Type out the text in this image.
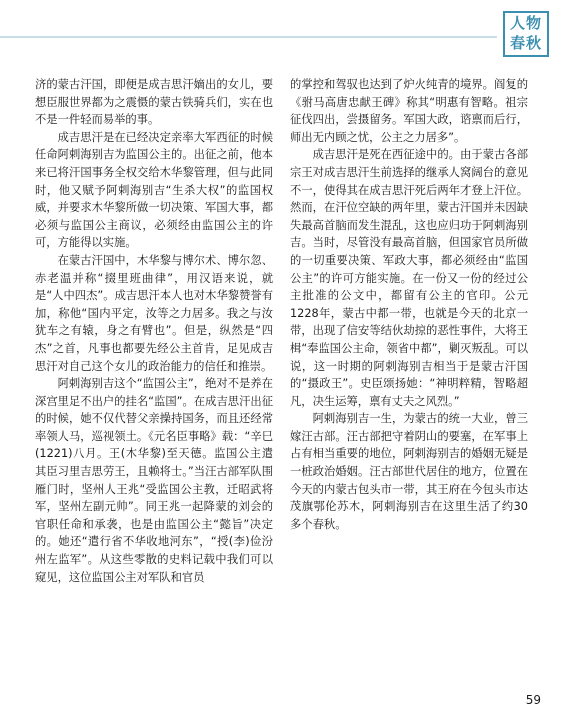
人物
春秋

济的蒙古汗国，即便是成吉思汗嫡出的女儿，要想臣服世界都为之震慑的蒙古铁骑兵们，实在也不是一件轻而易举的事。

成吉思汗是在已经决定亲率大军西征的时候任命阿剌海别吉为监国公主的。出征之前，他本来已将汗国事务全权交给木华黎管理，但与此同时，他又赋予阿剌海别吉“生杀大权”的监国权威，并要求木华黎所做一切决策、军国大事，都必须与监国公主商议，必须经由监国公主的许可，方能得以实施。

在蒙古汗国中，木华黎与博尔术、博尔忽、赤老温并称“掇里班曲律”，用汉语来说，就是“人中四杰”。成吉思汗本人也对木华黎赞誉有加，称他“国内平定，汝等之力居多。我之与汝犹车之有辕，身之有臂也”。但是，纵然是“四杰”之首，凡事也都要先经公主首肯，足见成吉思汗对自己这个女儿的政治能力的信任和推崇。

阿剌海别吉这个“监国公主”，绝对不是养在深宫里足不出户的挂名“监国”。在成吉思汗出征的时候，她不仅代替父亲操持国务，而且还经常率领人马，巡视领土。《元名臣事略》载：“辛巳(1221)八月。王(木华黎)至天德。监国公主遣其臣习里吉思劳王，且赖将士。”当汪古部军队围雁门时，坚州人王兆“受监国公主教，迁昭武将军，坚州左副元帅”。同王兆一起降蒙的刘会的官职任命和承袭，也是由监国公主“懿旨”决定的。她还“遣行省不华收地河东”，“授(李)俭汾州左监军”。从这些零散的史料记载中我们可以窥见，这位监国公主对军队和官员

的掌控和驾驭也达到了炉火纯青的境界。阎复的《驸马高唐忠献王碑》称其“明惠有智略。祖宗征伐四出，尝摄留务。军国大政，谘禀而后行，师出无内顾之忧，公主之力居多”。

成吉思汗是死在西征途中的。由于蒙古各部宗王对成吉思汗生前选择的继承人窝阔台的意见不一，使得其在成吉思汗死后两年才登上汗位。然而，在汗位空缺的两年里，蒙古汗国并未因缺失最高首脑而发生混乱，这也应归功于阿剌海别吉。当时，尽管没有最高首脑，但国家官员所做的一切重要决策、军政大事，都必须经由“监国公主”的许可方能实施。在一份又一份的经过公主批准的公文中，都留有公主的官印。公元1228年，蒙古中都一带，也就是今天的北京一带，出现了信安等结伙劫掠的恶性事件，大将王楫“奉监国公主命，领省中都”，剿灭叛乱。可以说，这一时期的阿剌海别吉相当于是蒙古汗国的“摄政王”。史臣颂扬她：“神明粹精，智略超凡，决生运筹，禀有丈夫之风烈。”

阿剌海别吉一生，为蒙古的统一大业，曾三嫁汪古部。汪古部把守着阴山的要塞，在军事上占有相当重要的地位，阿剌海别吉的婚姻无疑是一桩政治婚姻。汪古部世代居住的地方，位置在今天的内蒙古包头市一带，其王府在今包头市达茂旗鄂伦苏木，阿剌海别吉在这里生活了约30多个春秋。

59
